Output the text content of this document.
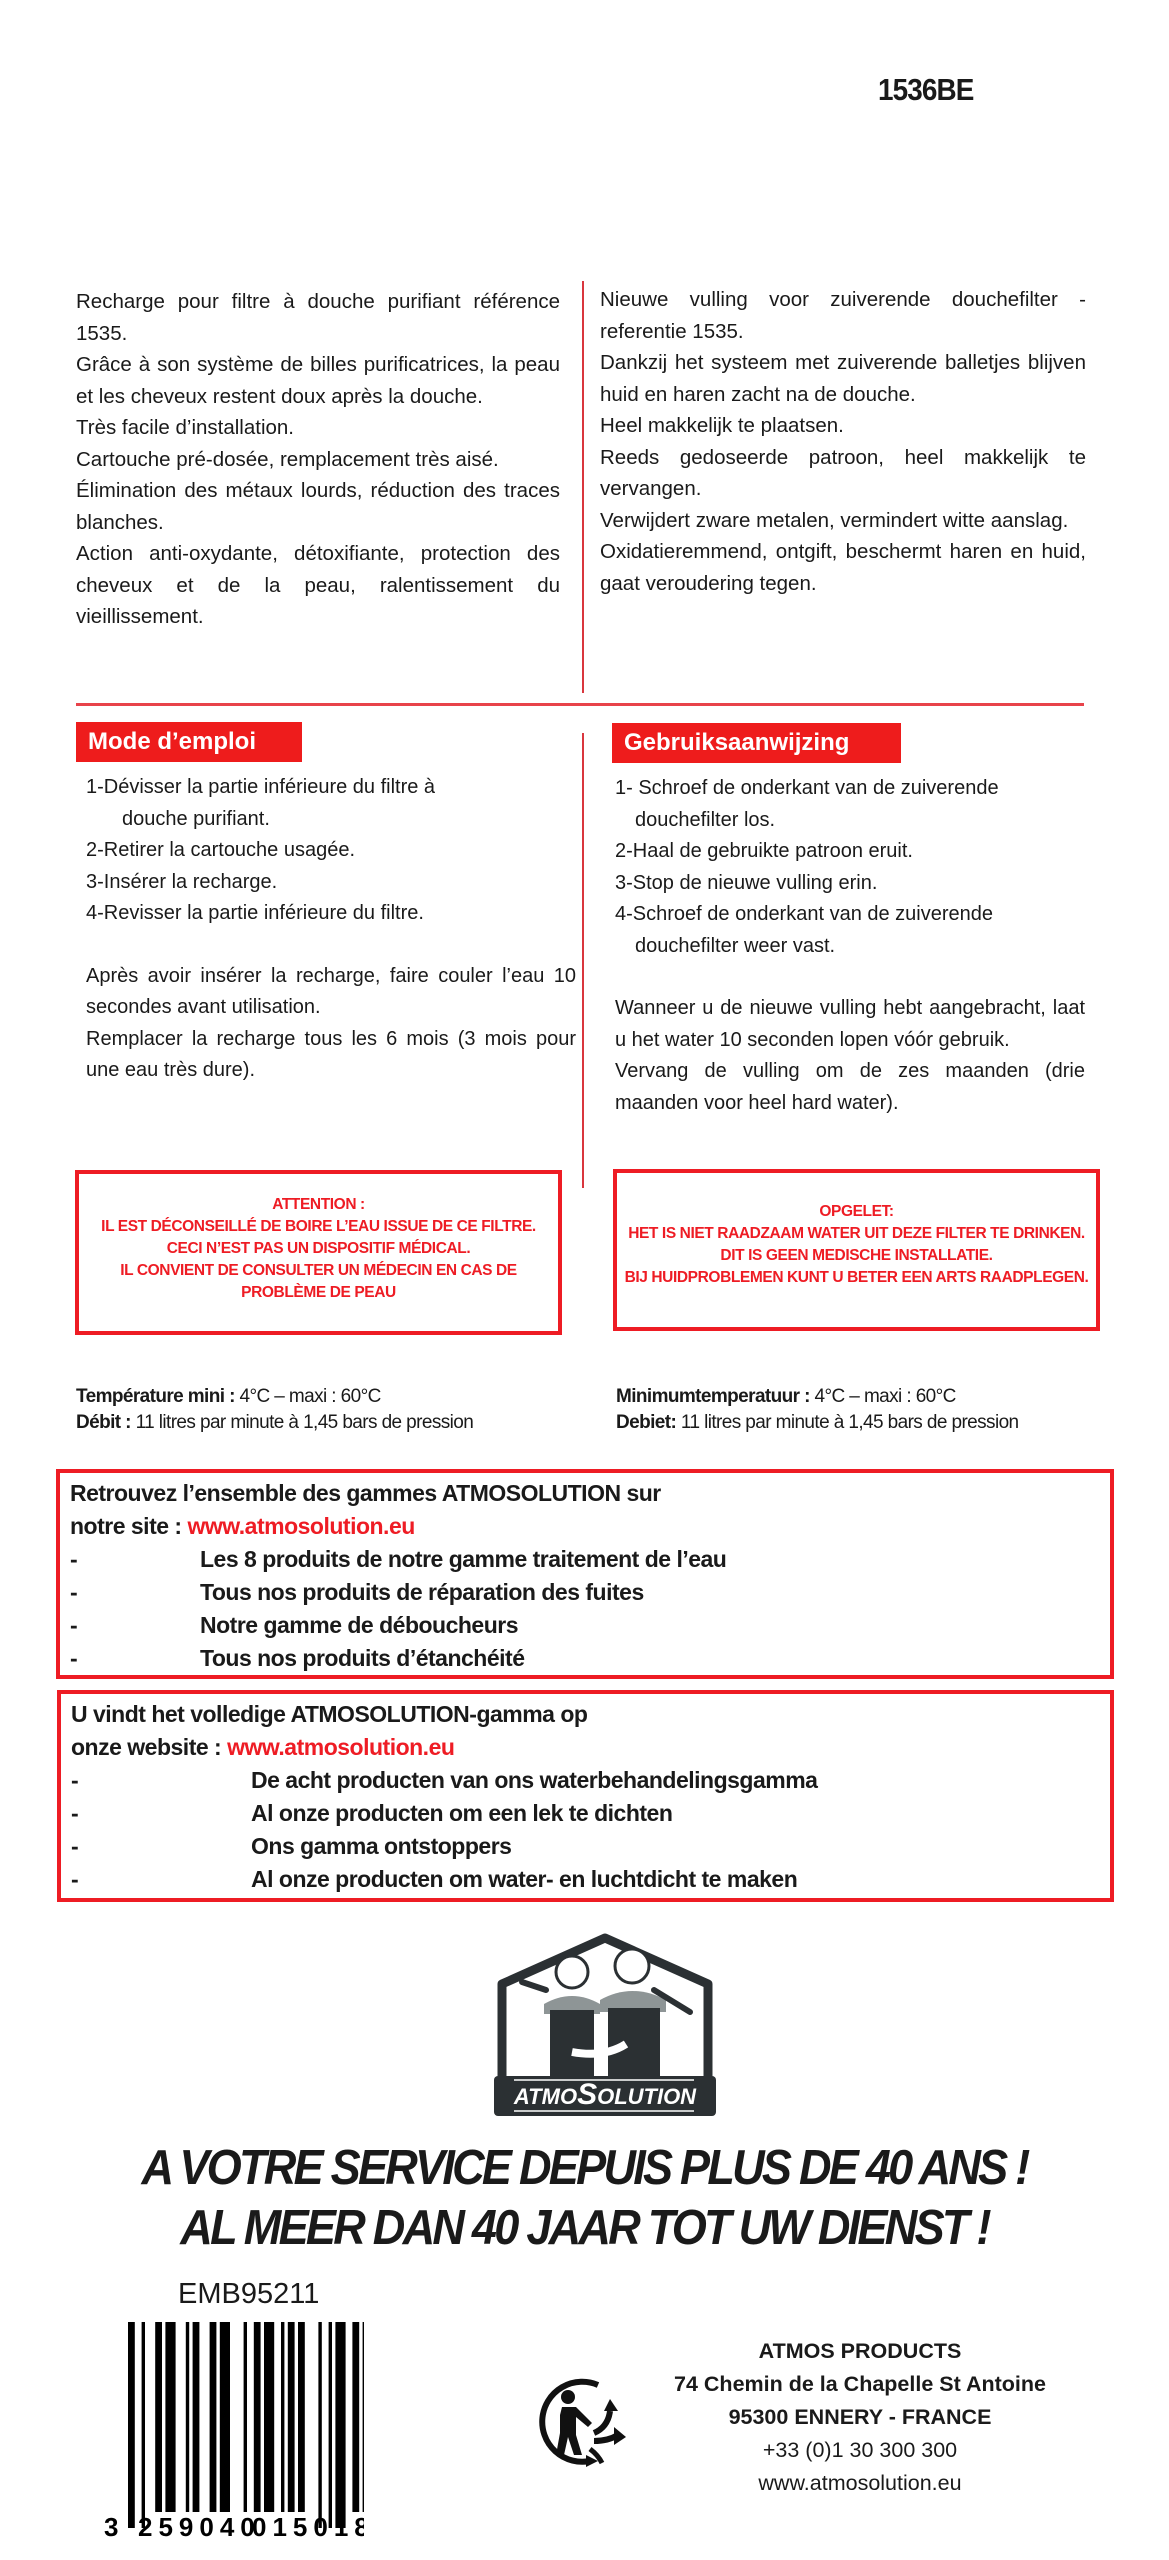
1536BE

Recharge pour filtre à douche purifiant référence 1535.

Grâce à son système de billes purificatrices, la peau et les cheveux restent doux après la douche.

Très facile d’installation.

Cartouche pré-dosée, remplacement très aisé.

Élimination des métaux lourds, réduction des traces blanches.

Action anti-oxydante, détoxifiante, protection des cheveux et de la peau, ralentissement du vieillissement.

Nieuwe vulling voor zuiverende douchefilter - referentie 1535.

Dankzij het systeem met zuiverende balletjes blijven huid en haren zacht na de douche.

Heel makkelijk te plaatsen.

Reeds gedoseerde patroon, heel makkelijk te vervangen.

Verwijdert zware metalen, vermindert witte aanslag.

Oxidatieremmend, ontgift, beschermt haren en huid, gaat veroudering tegen.

Mode d’emploi	Gebruiksaanwijzing

1-Dévisser la partie inférieure du filtre à

douche purifiant.

2-Retirer la cartouche usagée.

3-Insérer la recharge.

4-Revisser la partie inférieure du filtre.

Après avoir insérer la recharge, faire couler l’eau 10 secondes avant utilisation.

Remplacer la recharge tous les 6 mois (3 mois pour une eau très dure).

1- Schroef de onderkant van de zuiverende

douchefilter los.

2-Haal de gebruikte patroon eruit.

3-Stop de nieuwe vulling erin.

4-Schroef de onderkant van de zuiverende

douchefilter weer vast.

Wanneer u de nieuwe vulling hebt aangebracht, laat u het water 10 seconden lopen vóór gebruik.

Vervang de vulling om de zes maanden (drie maanden voor heel hard water).

ATTENTION :
IL EST DÉCONSEILLÉ DE BOIRE L’EAU ISSUE DE CE FILTRE.
CECI N’EST PAS UN DISPOSITIF MÉDICAL.
IL CONVIENT DE CONSULTER UN MÉDECIN EN CAS DE
PROBLÈME DE PEAU
OPGELET:
HET IS NIET RAADZAAM WATER UIT DEZE FILTER TE DRINKEN.
DIT IS GEEN MEDISCHE INSTALLATIE.
BIJ HUIDPROBLEMEN KUNT U BETER EEN ARTS RAADPLEGEN.
Température mini : 4°C – maxi : 60°C
Débit : 11 litres par minute à 1,45 bars de pression
Minimumtemperatuur : 4°C – maxi : 60°C
Debiet: 11 litres par minute à 1,45 bars de pression
Retrouvez l’ensemble des gammes ATMOSOLUTION sur
notre site : www.atmosolution.eu
-	Les 8 produits de notre gamme traitement de l’eau
-	Tous nos produits de réparation des fuites
-	Notre gamme de déboucheurs
-	Tous nos produits d’étanchéité
U vindt het volledige ATMOSOLUTION-gamma op
onze website : www.atmosolution.eu
-	De acht producten van ons waterbehandelingsgamma
-	Al onze producten om een lek te dichten
-	Ons gamma ontstoppers
-	Al onze producten om water- en luchtdicht te maken
ATMOSOLUTION
A VOTRE SERVICE DEPUIS PLUS DE 40 ANS !
AL MEER DAN 40 JAAR TOT UW DIENST !
EMB95211
3 259040
015018
ATMOS PRODUCTS
74 Chemin de la Chapelle St Antoine
95300 ENNERY - FRANCE
+33 (0)1 30 300 300
www.atmosolution.eu
